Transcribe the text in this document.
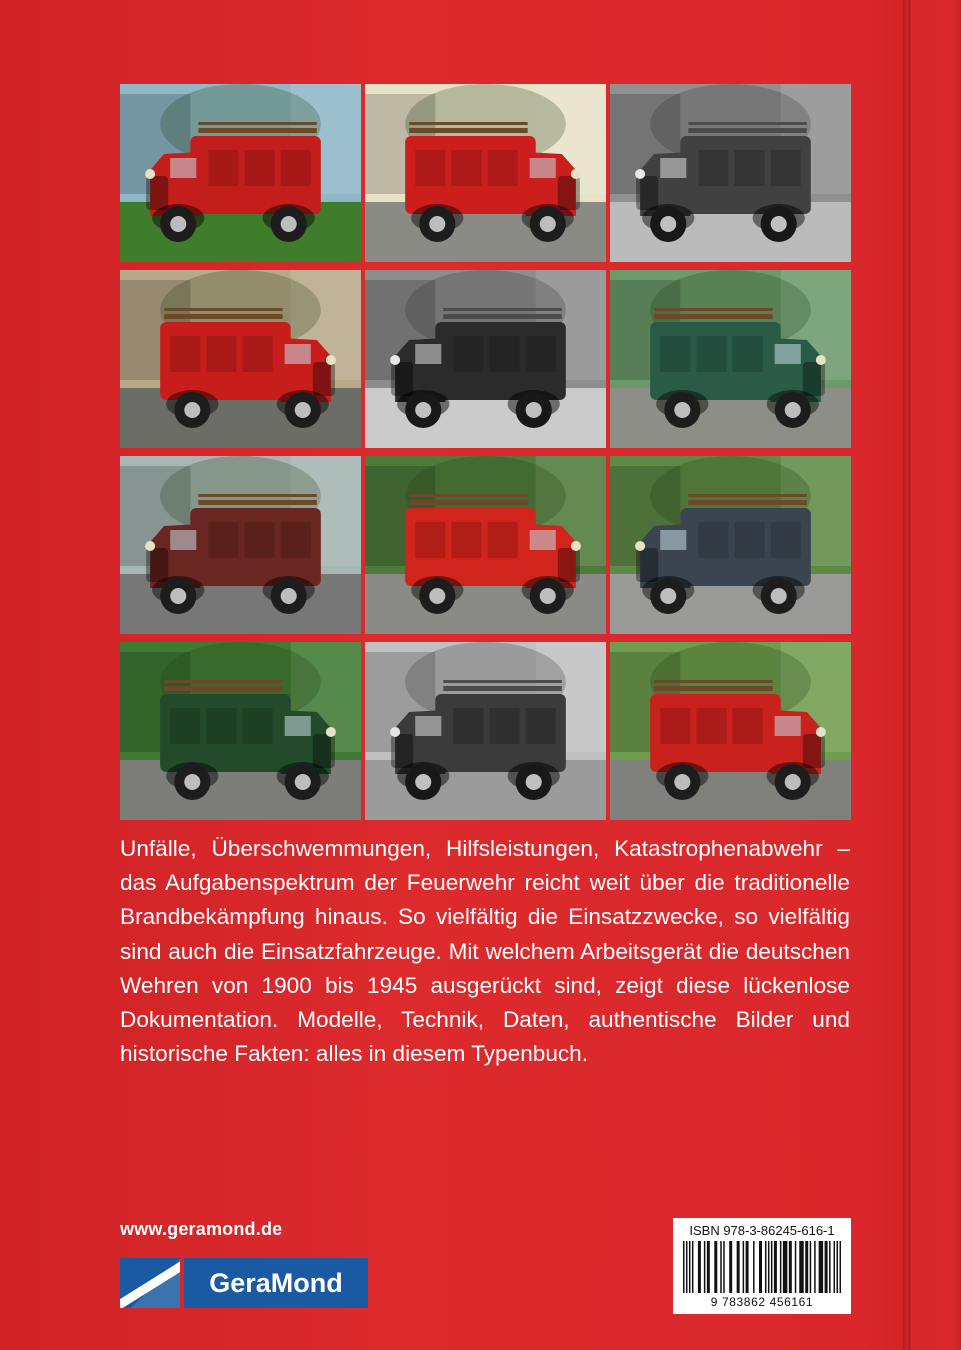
Unfälle, Überschwemmungen, Hilfsleistungen, Katastrophenabwehr – das Aufgabenspektrum der Feuerwehr reicht weit über die traditionelle Brandbekämpfung hinaus. So vielfältig die Einsatzzwecke, so vielfältig sind auch die Einsatzfahrzeuge. Mit welchem Arbeitsgerät die deutschen Wehren von 1900 bis 1945 ausgerückt sind, zeigt diese lückenlose Dokumentation. Modelle, Technik, Daten, authentische Bilder und historische Fakten: alles in diesem Typenbuch.

www.geramond.de
GeraMond
ISBN 978-3-86245-616-1
9 783862 456161
